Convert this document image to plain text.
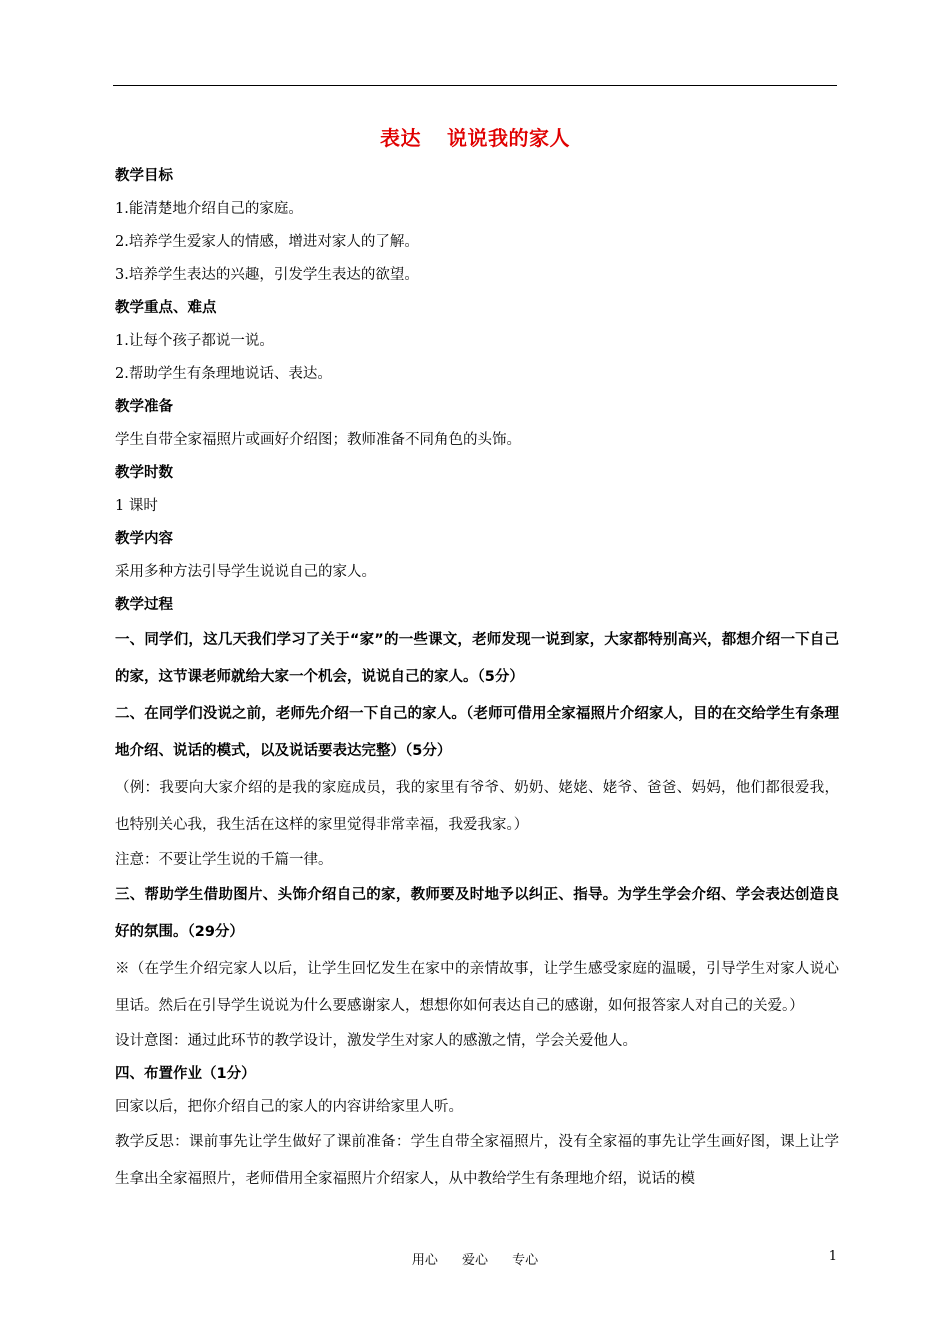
表达 说说我的家人
教学目标
1.能清楚地介绍自己的家庭。
2.培养学生爱家人的情感，增进对家人的了解。
3.培养学生表达的兴趣，引发学生表达的欲望。
教学重点、难点
1.让每个孩子都说一说。
2.帮助学生有条理地说话、表达。
教学准备
学生自带全家福照片或画好介绍图；教师准备不同角色的头饰。
教学时数
1 课时
教学内容
采用多种方法引导学生说说自己的家人。
教学过程
一、同学们，这几天我们学习了关于“家”的一些课文，老师发现一说到家，大家都特别高兴，都想介绍一下自己的家，这节课老师就给大家一个机会，说说自己的家人。（5分）
二、在同学们没说之前，老师先介绍一下自己的家人。（老师可借用全家福照片介绍家人，目的在交给学生有条理地介绍、说话的模式，以及说话要表达完整）（5分）
（例：我要向大家介绍的是我的家庭成员，我的家里有爷爷、奶奶、姥姥、姥爷、爸爸、妈妈，他们都很爱我，也特别关心我，我生活在这样的家里觉得非常幸福，我爱我家。）
注意：不要让学生说的千篇一律。
三、帮助学生借助图片、头饰介绍自己的家，教师要及时地予以纠正、指导。为学生学会介绍、学会表达创造良好的氛围。（29分）
※（在学生介绍完家人以后，让学生回忆发生在家中的亲情故事，让学生感受家庭的温暖，引导学生对家人说心里话。然后在引导学生说说为什么要感谢家人，想想你如何表达自己的感谢，如何报答家人对自己的关爱。）
设计意图：通过此环节的教学设计，激发学生对家人的感激之情，学会关爱他人。
四、布置作业（1分）
回家以后，把你介绍自己的家人的内容讲给家里人听。
教学反思：课前事先让学生做好了课前准备：学生自带全家福照片，没有全家福的事先让学生画好图，课上让学生拿出全家福照片，老师借用全家福照片介绍家人，从中教给学生有条理地介绍，说话的模
用心 爱心 专心	1
